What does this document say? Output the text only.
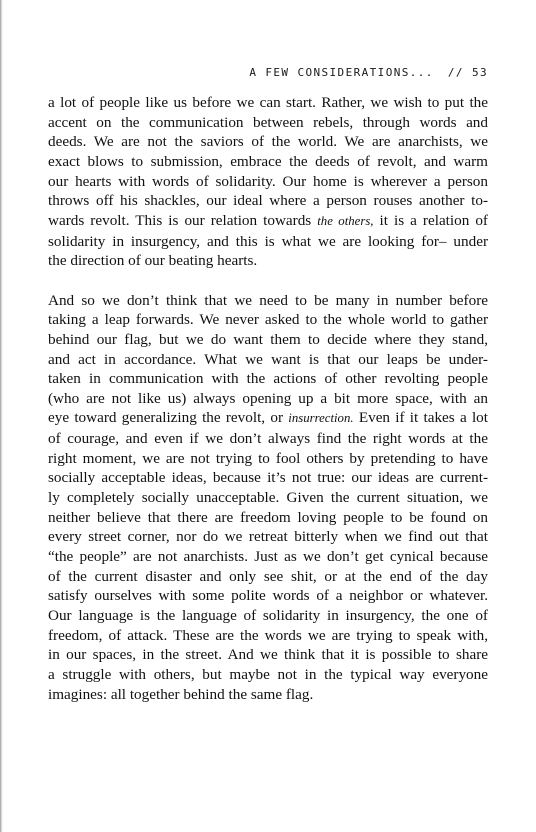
A FEW CONSIDERATIONS... // 53

a lot of people like us before we can start. Rather, we wish to put the
accent on the communication between rebels, through words and
deeds. We are not the saviors of the world. We are anarchists, we
exact blows to submission, embrace the deeds of revolt, and warm
our hearts with words of solidarity. Our home is wherever a person
throws off his shackles, our ideal where a person rouses another to-
wards revolt. This is our relation towards the others, it is a relation of
solidarity in insurgency, and this is what we are looking for– under
the direction of our beating hearts.

And so we don’t think that we need to be many in number before
taking a leap forwards. We never asked to the whole world to gather
behind our flag, but we do want them to decide where they stand,
and act in accordance. What we want is that our leaps be under-
taken in communication with the actions of other revolting people
(who are not like us) always opening up a bit more space, with an
eye toward generalizing the revolt, or insurrection. Even if it takes a lot
of courage, and even if we don’t always find the right words at the
right moment, we are not trying to fool others by pretending to have
socially acceptable ideas, because it’s not true: our ideas are current-
ly completely socially unacceptable. Given the current situation, we
neither believe that there are freedom loving people to be found on
every street corner, nor do we retreat bitterly when we find out that
“the people” are not anarchists. Just as we don’t get cynical because
of the current disaster and only see shit, or at the end of the day
satisfy ourselves with some polite words of a neighbor or whatever.
Our language is the language of solidarity in insurgency, the one of
freedom, of attack. These are the words we are trying to speak with,
in our spaces, in the street. And we think that it is possible to share
a struggle with others, but maybe not in the typical way everyone
imagines: all together behind the same flag.
